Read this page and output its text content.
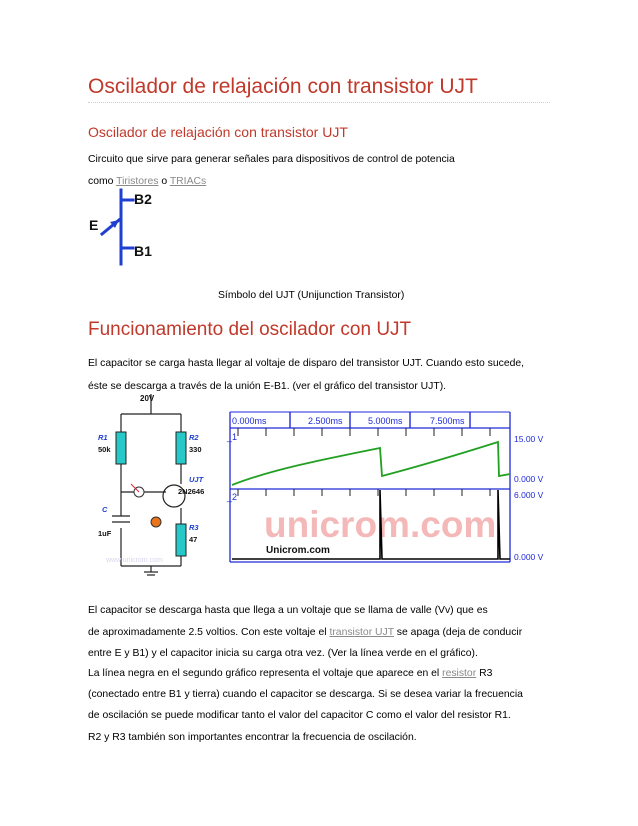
Oscilador de relajación con transistor UJT
Oscilador de relajación con transistor UJT
Circuito que sirve para generar señales para dispositivos de control de potencia
como Tiristores o TRIACs
B2
E
B1
Símbolo del UJT (Unijunction Transistor)
Funcionamiento del oscilador con UJT
El capacitor se carga hasta llegar al voltaje de disparo del transistor UJT. Cuando esto sucede,
éste se descarga a través de la unión E-B1. (ver el gráfico del transistor UJT).
20V
R1
50k
R2
330
UJT
2N2646
C
1uF
R3
47
www.unicrom.com
unicrom.com
0.000ms	2.500ms	5.000ms	7.500ms
_1
_2
15.00 V
0.000 V
6.000 V
0.000 V
Unicrom.com
El capacitor se descarga hasta que llega a un voltaje que se llama de valle (Vv) que es
de aproximadamente 2.5 voltios. Con este voltaje el transistor UJT se apaga (deja de conducir
entre E y B1) y el capacitor inicia su carga otra vez. (Ver la línea verde en el gráfico).
La línea negra en el segundo gráfico representa el voltaje que aparece en el resistor R3
(conectado entre B1 y tierra) cuando el capacitor se descarga. Si se desea variar la frecuencia
de oscilación se puede modificar tanto el valor del capacitor C como el valor del resistor R1.
R2 y R3 también son importantes encontrar la frecuencia de oscilación.
